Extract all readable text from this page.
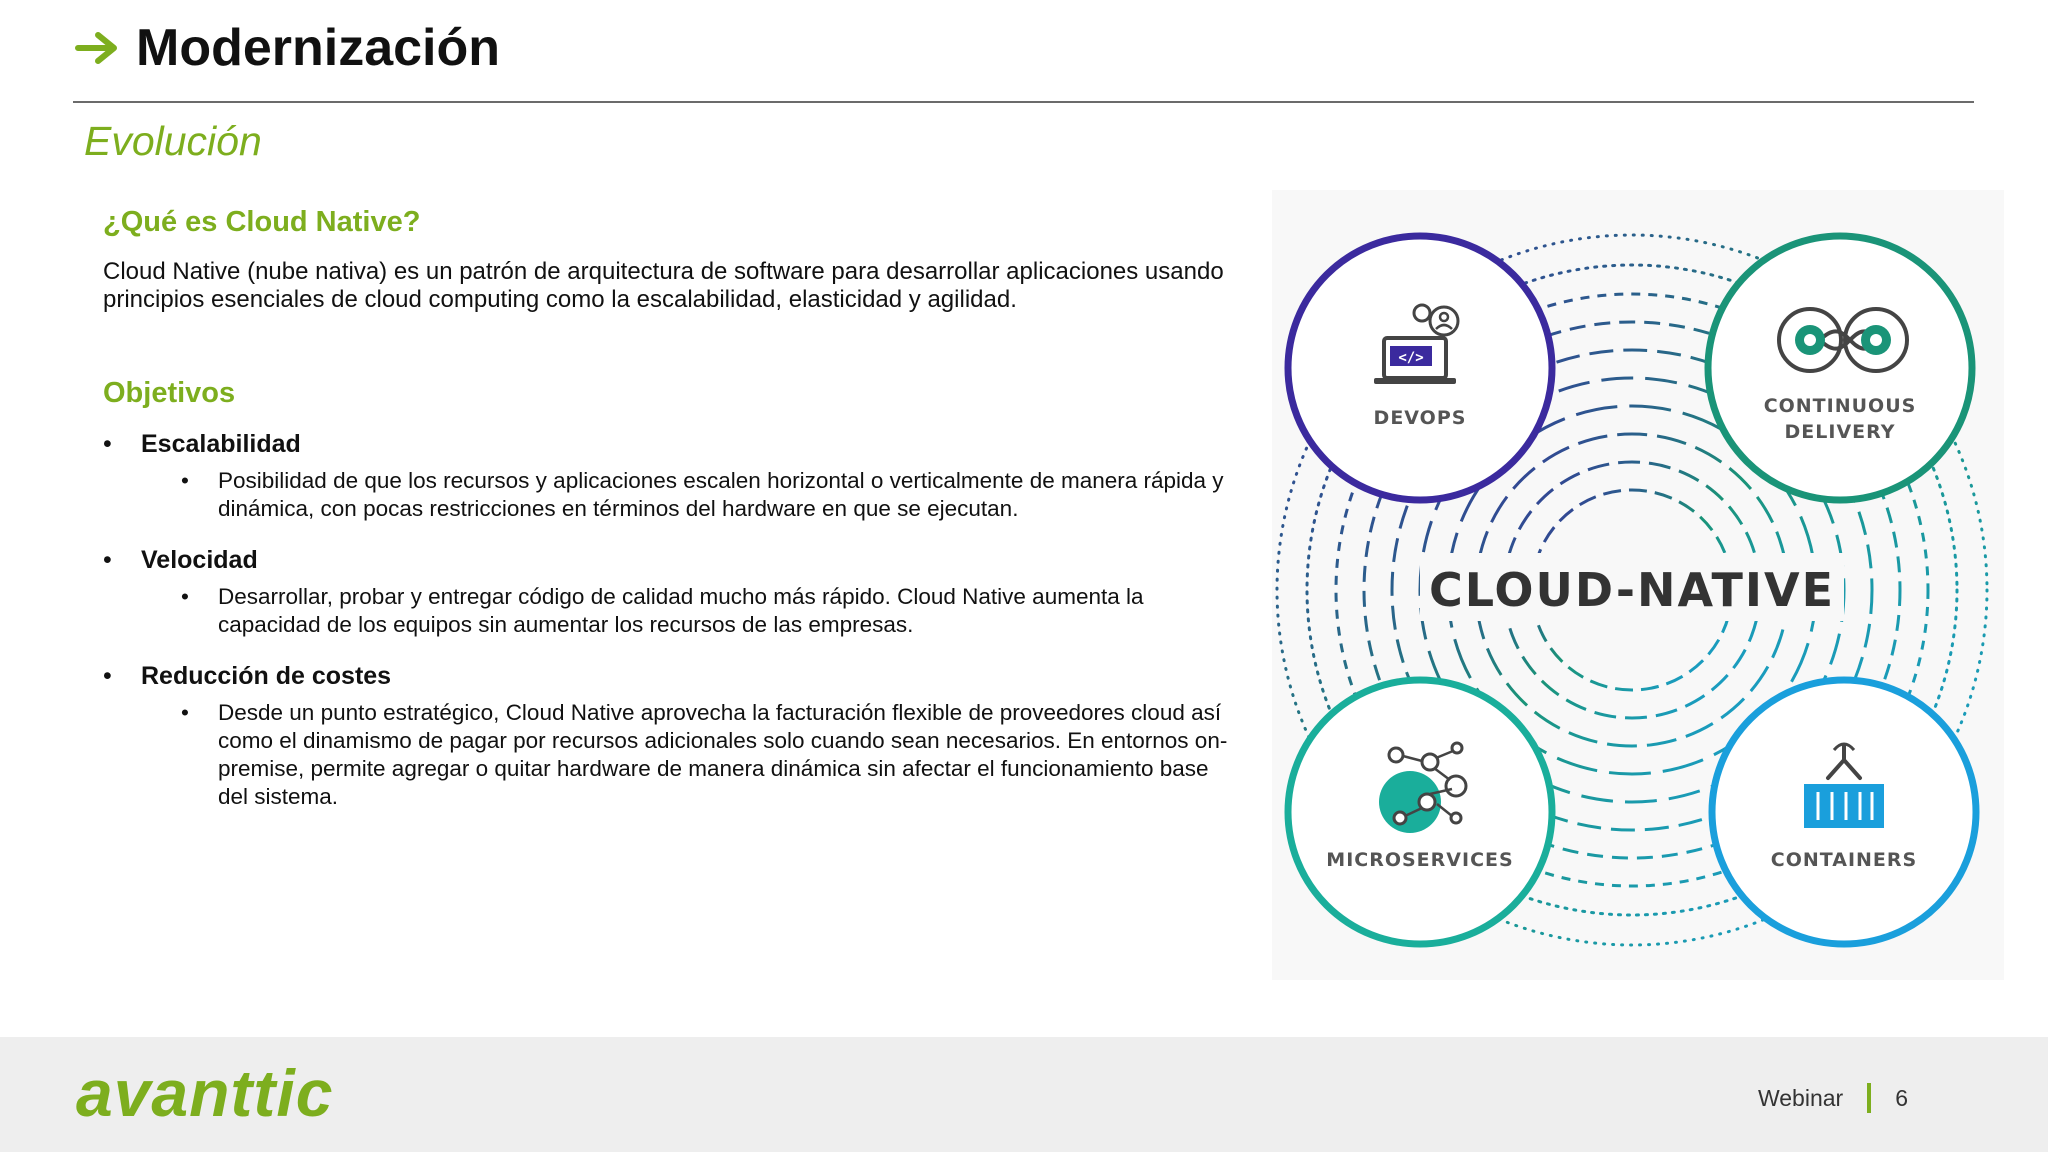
Modernización
Evolución
¿Qué es Cloud Native?

Cloud Native (nube nativa) es un patrón de arquitectura de software para desarrollar aplicaciones usando principios esenciales de cloud computing como la escalabilidad, elasticidad y agilidad.

Objetivos
• Escalabilidad
• Posibilidad de que los recursos y aplicaciones escalen horizontal o verticalmente de manera rápida y dinámica, con pocas restricciones en términos del hardware en que se ejecutan.
• Velocidad
• Desarrollar, probar y entregar código de calidad mucho más rápido. Cloud Native aumenta la capacidad de los equipos sin aumentar los recursos de las empresas.
• Reducción de costes
• Desde un punto estratégico, Cloud Native aprovecha la facturación flexible de proveedores cloud así como el dinamismo de pagar por recursos adicionales solo cuando sean necesarios. En entornos on-premise, permite agregar o quitar hardware de manera dinámica sin afectar el funcionamiento base del sistema.
CLOUD-NATIVE
</>
DEVOPS
CONTINUOUS
DELIVERY
MICROSERVICES	CONTAINERS
avanttic	Webinar 6
